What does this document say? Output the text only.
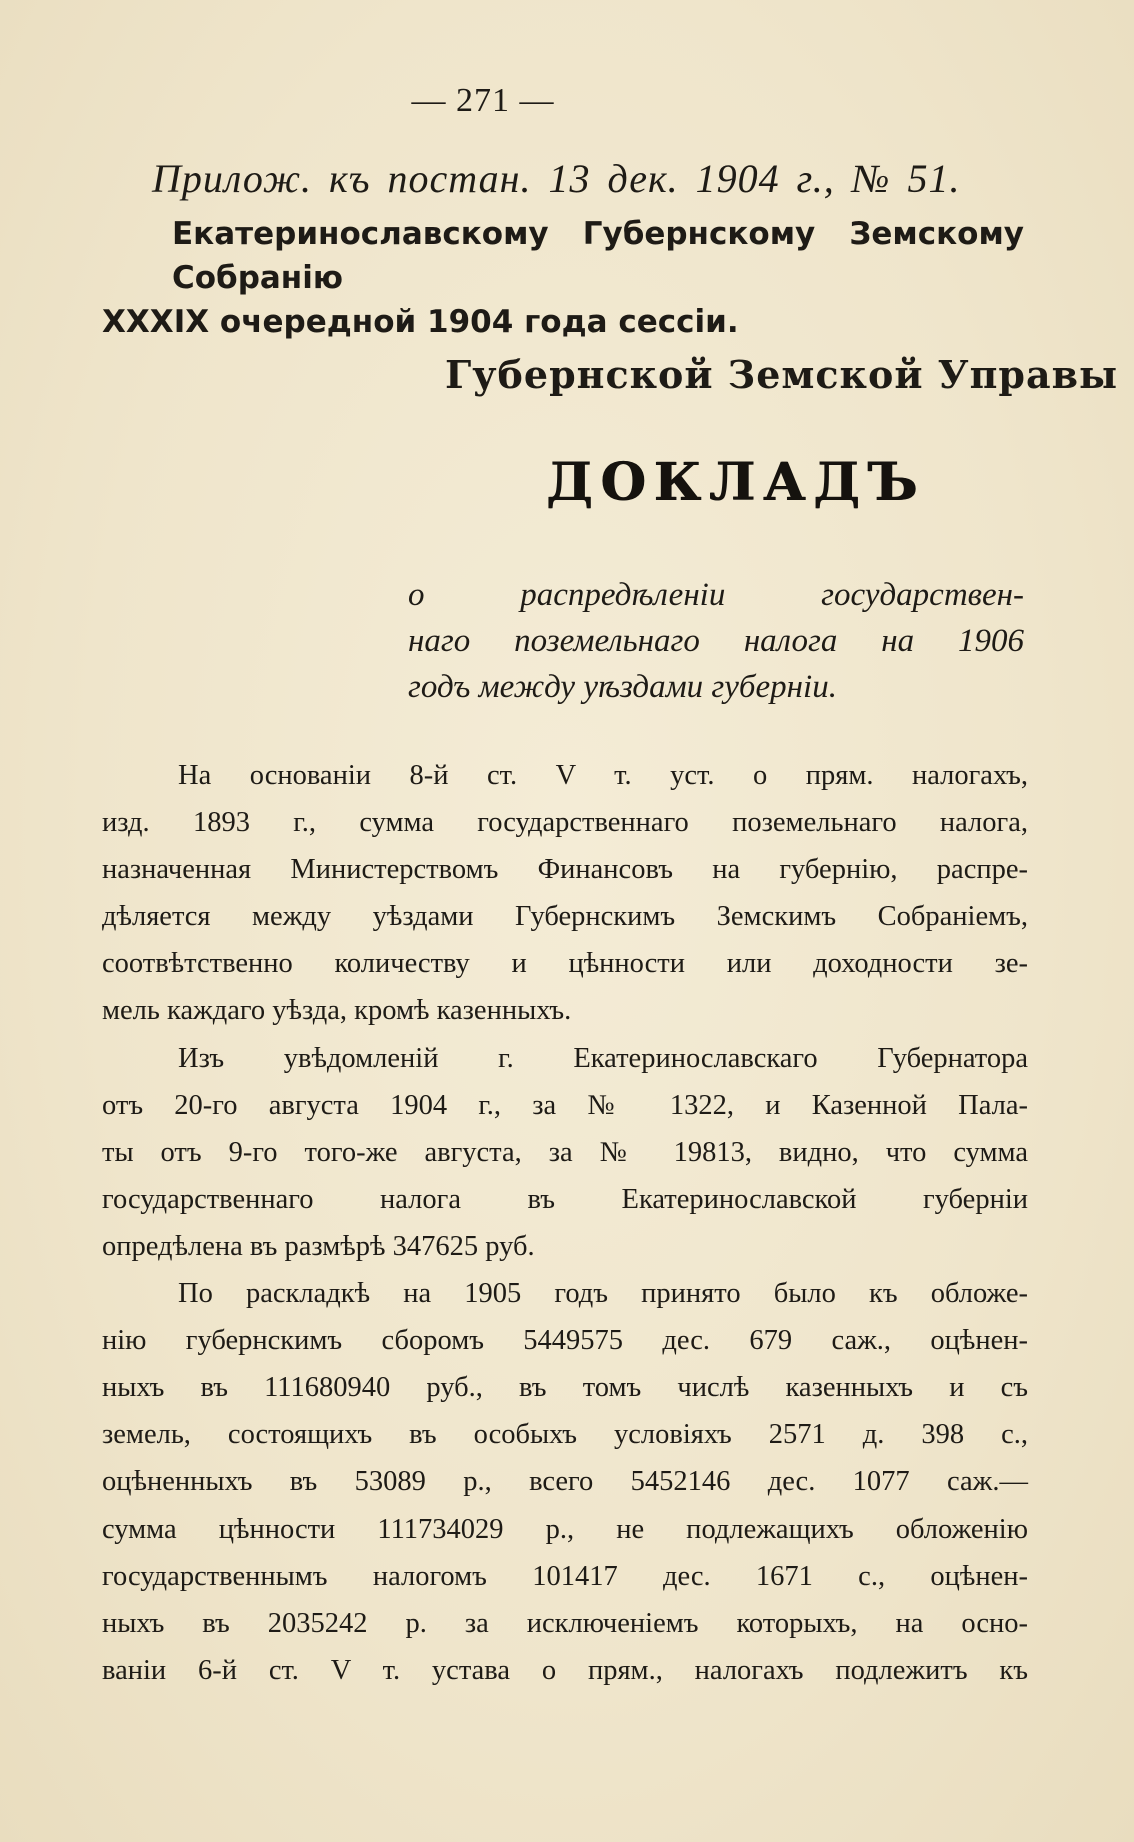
— 271 —
Прилож. къ постан. 13 дек. 1904 г., № 51.
Екатеринославскому Губернскому Земскому Собранію
XXXIX очередной 1904 года сессіи.
Губернской Земской Управы
ДОКЛАДЪ
о распредѣленіи государствен-
наго поземельнаго налога на 1906
годъ между уѣздами губерніи.
На основаніи 8-й ст. V т. уст. о прям. налогахъ,
изд. 1893 г., сумма государственнаго поземельнаго налога,
назначенная Министерствомъ Финансовъ на губернію, распре-
дѣляется между уѣздами Губернскимъ Земскимъ Собраніемъ,
соотвѣтственно количеству и цѣнности или доходности зе-
мель каждаго уѣзда, кромѣ казенныхъ.
Изъ увѣдомленій г. Екатеринославскаго Губернатора
отъ 20-го августа 1904 г., за № 1322, и Казенной Пала-
ты отъ 9-го того-же августа, за № 19813, видно, что сумма
государственнаго налога въ Екатеринославской губерніи
опредѣлена въ размѣрѣ 347625 руб.
По раскладкѣ на 1905 годъ принято было къ обложе-
нію губернскимъ сборомъ 5449575 дес. 679 саж., оцѣнен-
ныхъ въ 111680940 руб., въ томъ числѣ казенныхъ и съ
земель, состоящихъ въ особыхъ условіяхъ 2571 д. 398 с.,
оцѣненныхъ въ 53089 р., всего 5452146 дес. 1077 саж.—
сумма цѣнности 111734029 р., не подлежащихъ обложенію
государственнымъ налогомъ 101417 дес. 1671 с., оцѣнен-
ныхъ въ 2035242 р. за исключеніемъ которыхъ, на осно-
ваніи 6-й ст. V т. устава о прям., налогахъ подлежитъ къ
